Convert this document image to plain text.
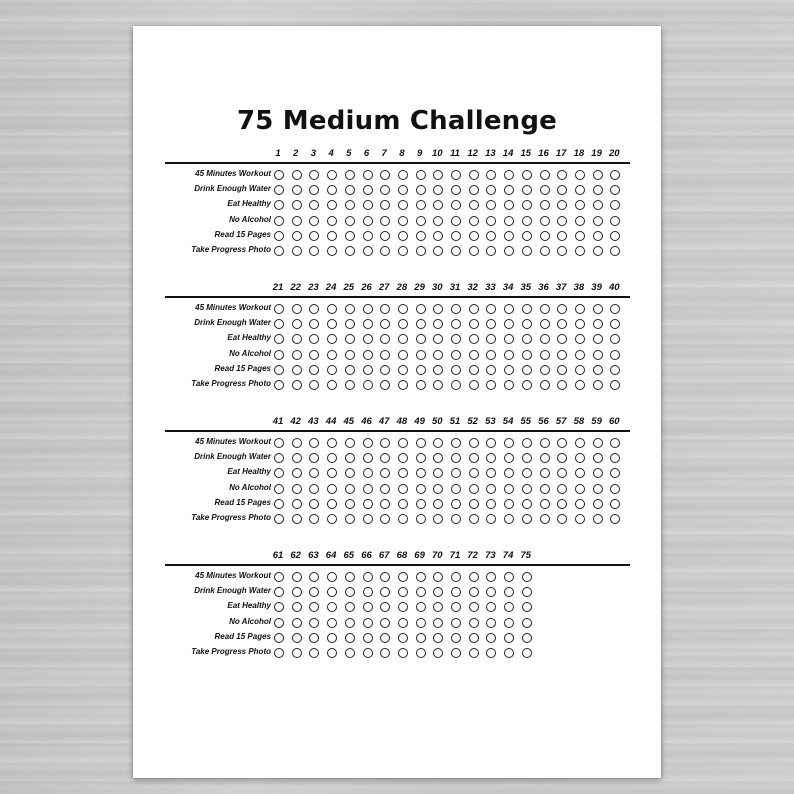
75 Medium Challenge
1	2	3	4	5	6	7	8	9	10 11 12 13 14 15 16 17 18 19 20
45 Minutes Workout
Drink Enough Water
Eat Healthy
No Alcohol
Read 15 Pages
Take Progress Photo
21 22 23 24 25 26 27 28 29 30 31 32 33 34 35 36 37 38 39 40
45 Minutes Workout
Drink Enough Water
Eat Healthy
No Alcohol
Read 15 Pages
Take Progress Photo
41 42 43 44 45 46 47 48 49 50 51 52 53 54 55 56 57 58 59 60
45 Minutes Workout
Drink Enough Water
Eat Healthy
No Alcohol
Read 15 Pages
Take Progress Photo
61 62 63 64 65 66 67 68 69 70 71 72 73 74 75
45 Minutes Workout
Drink Enough Water
Eat Healthy
No Alcohol
Read 15 Pages
Take Progress Photo
